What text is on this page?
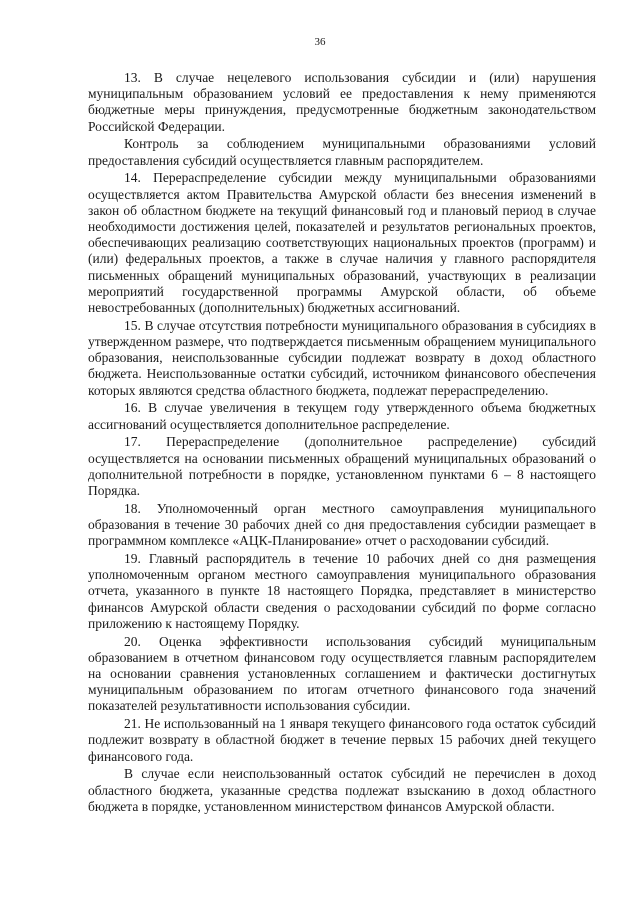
36

13. В случае нецелевого использования субсидии и (или) нарушения муниципальным образованием условий ее предоставления к нему применяются бюджетные меры принуждения, предусмотренные бюджетным законодательством Российской Федерации.

Контроль за соблюдением муниципальными образованиями условий предоставления субсидий осуществляется главным распорядителем.

14. Перераспределение субсидии между муниципальными образованиями осуществляется актом Правительства Амурской области без внесения изменений в закон об областном бюджете на текущий финансовый год и плановый период в случае необходимости достижения целей, показателей и результатов региональных проектов, обеспечивающих реализацию соответствующих национальных проектов (программ) и (или) федеральных проектов, а также в случае наличия у главного распорядителя письменных обращений муниципальных образований, участвующих в реализации мероприятий государственной программы Амурской области, об объеме невостребованных (дополнительных) бюджетных ассигнований.

15. В случае отсутствия потребности муниципального образования в субсидиях в утвержденном размере, что подтверждается письменным обращением муниципального образования, неиспользованные субсидии подлежат возврату в доход областного бюджета. Неиспользованные остатки субсидий, источником финансового обеспечения которых являются средства областного бюджета, подлежат перераспределению.

16. В случае увеличения в текущем году утвержденного объема бюджетных ассигнований осуществляется дополнительное распределение.

17. Перераспределение (дополнительное распределение) субсидий осуществляется на основании письменных обращений муниципальных образований о дополнительной потребности в порядке, установленном пунктами 6 – 8 настоящего Порядка.

18. Уполномоченный орган местного самоуправления муниципального образования в течение 30 рабочих дней со дня предоставления субсидии размещает в программном комплексе «АЦК-Планирование» отчет о расходовании субсидий.

19. Главный распорядитель в течение 10 рабочих дней со дня размещения уполномоченным органом местного самоуправления муниципального образования отчета, указанного в пункте 18 настоящего Порядка, представляет в министерство финансов Амурской области сведения о расходовании субсидий по форме согласно приложению к настоящему Порядку.

20. Оценка эффективности использования субсидий муниципальным образованием в отчетном финансовом году осуществляется главным распорядителем на основании сравнения установленных соглашением и фактически достигнутых муниципальным образованием по итогам отчетного финансового года значений показателей результативности использования субсидии.

21. Не использованный на 1 января текущего финансового года остаток субсидий подлежит возврату в областной бюджет в течение первых 15 рабочих дней текущего финансового года.

В случае если неиспользованный остаток субсидий не перечислен в доход областного бюджета, указанные средства подлежат взысканию в доход областного бюджета в порядке, установленном министерством финансов Амурской области.
